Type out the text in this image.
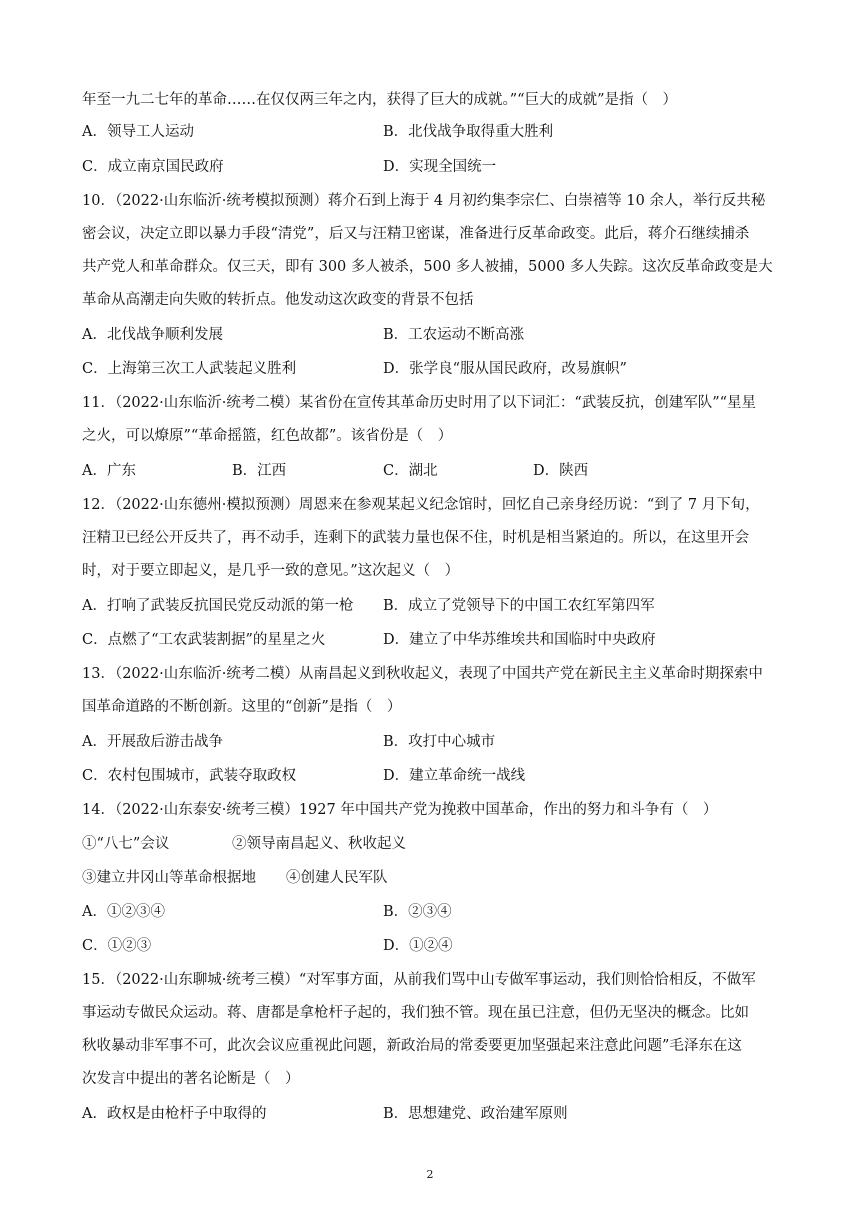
年至一九二七年的革命……在仅仅两三年之内，获得了巨大的成就。”“巨大的成就”是指（　）
A．领导工人运动	B．北伐战争取得重大胜利
C．成立南京国民政府	D．实现全国统一
10．（2022·山东临沂·统考模拟预测）蒋介石到上海于 4 月初约集李宗仁、白崇禧等 10 余人，举行反共秘
密会议，决定立即以暴力手段“清党”，后又与汪精卫密谋，准备进行反革命政变。此后，蒋介石继续捕杀
共产党人和革命群众。仅三天，即有 300 多人被杀，500 多人被捕，5000 多人失踪。这次反革命政变是大
革命从高潮走向失败的转折点。他发动这次政变的背景不包括
A．北伐战争顺利发展	B．工农运动不断高涨
C．上海第三次工人武装起义胜利	D．张学良“服从国民政府，改易旗帜”
11．（2022·山东临沂·统考二模）某省份在宣传其革命历史时用了以下词汇：“武装反抗，创建军队”“星星
之火，可以燎原”“革命摇篮，红色故都”。该省份是（　）
A．广东	B．江西	C．湖北	D．陕西
12．（2022·山东德州·模拟预测）周恩来在参观某起义纪念馆时，回忆自己亲身经历说：“到了 7 月下旬，
汪精卫已经公开反共了，再不动手，连剩下的武装力量也保不住，时机是相当紧迫的。所以，在这里开会
时，对于要立即起义，是几乎一致的意见。”这次起义（　）
A．打响了武装反抗国民党反动派的第一枪 B．成立了党领导下的中国工农红军第四军
C．点燃了“工农武装割据”的星星之火	D．建立了中华苏维埃共和国临时中央政府
13．（2022·山东临沂·统考二模）从南昌起义到秋收起义，表现了中国共产党在新民主主义革命时期探索中
国革命道路的不断创新。这里的“创新”是指（　）
A．开展敌后游击战争	B．攻打中心城市
C．农村包围城市，武装夺取政权	D．建立革命统一战线
14．（2022·山东泰安·统考三模）1927 年中国共产党为挽救中国革命，作出的努力和斗争有（　）
①“八七”会议	②领导南昌起义、秋收起义
③建立井冈山等革命根据地 ④创建人民军队
A．①②③④	B．②③④
C．①②③	D．①②④
15．（2022·山东聊城·统考三模）“对军事方面，从前我们骂中山专做军事运动，我们则恰恰相反，不做军
事运动专做民众运动。蒋、唐都是拿枪杆子起的，我们独不管。现在虽已注意，但仍无坚决的概念。比如
秋收暴动非军事不可，此次会议应重视此问题，新政治局的常委要更加坚强起来注意此问题”毛泽东在这
次发言中提出的著名论断是（　）
A．政权是由枪杆子中取得的	B．思想建党、政治建军原则
2
